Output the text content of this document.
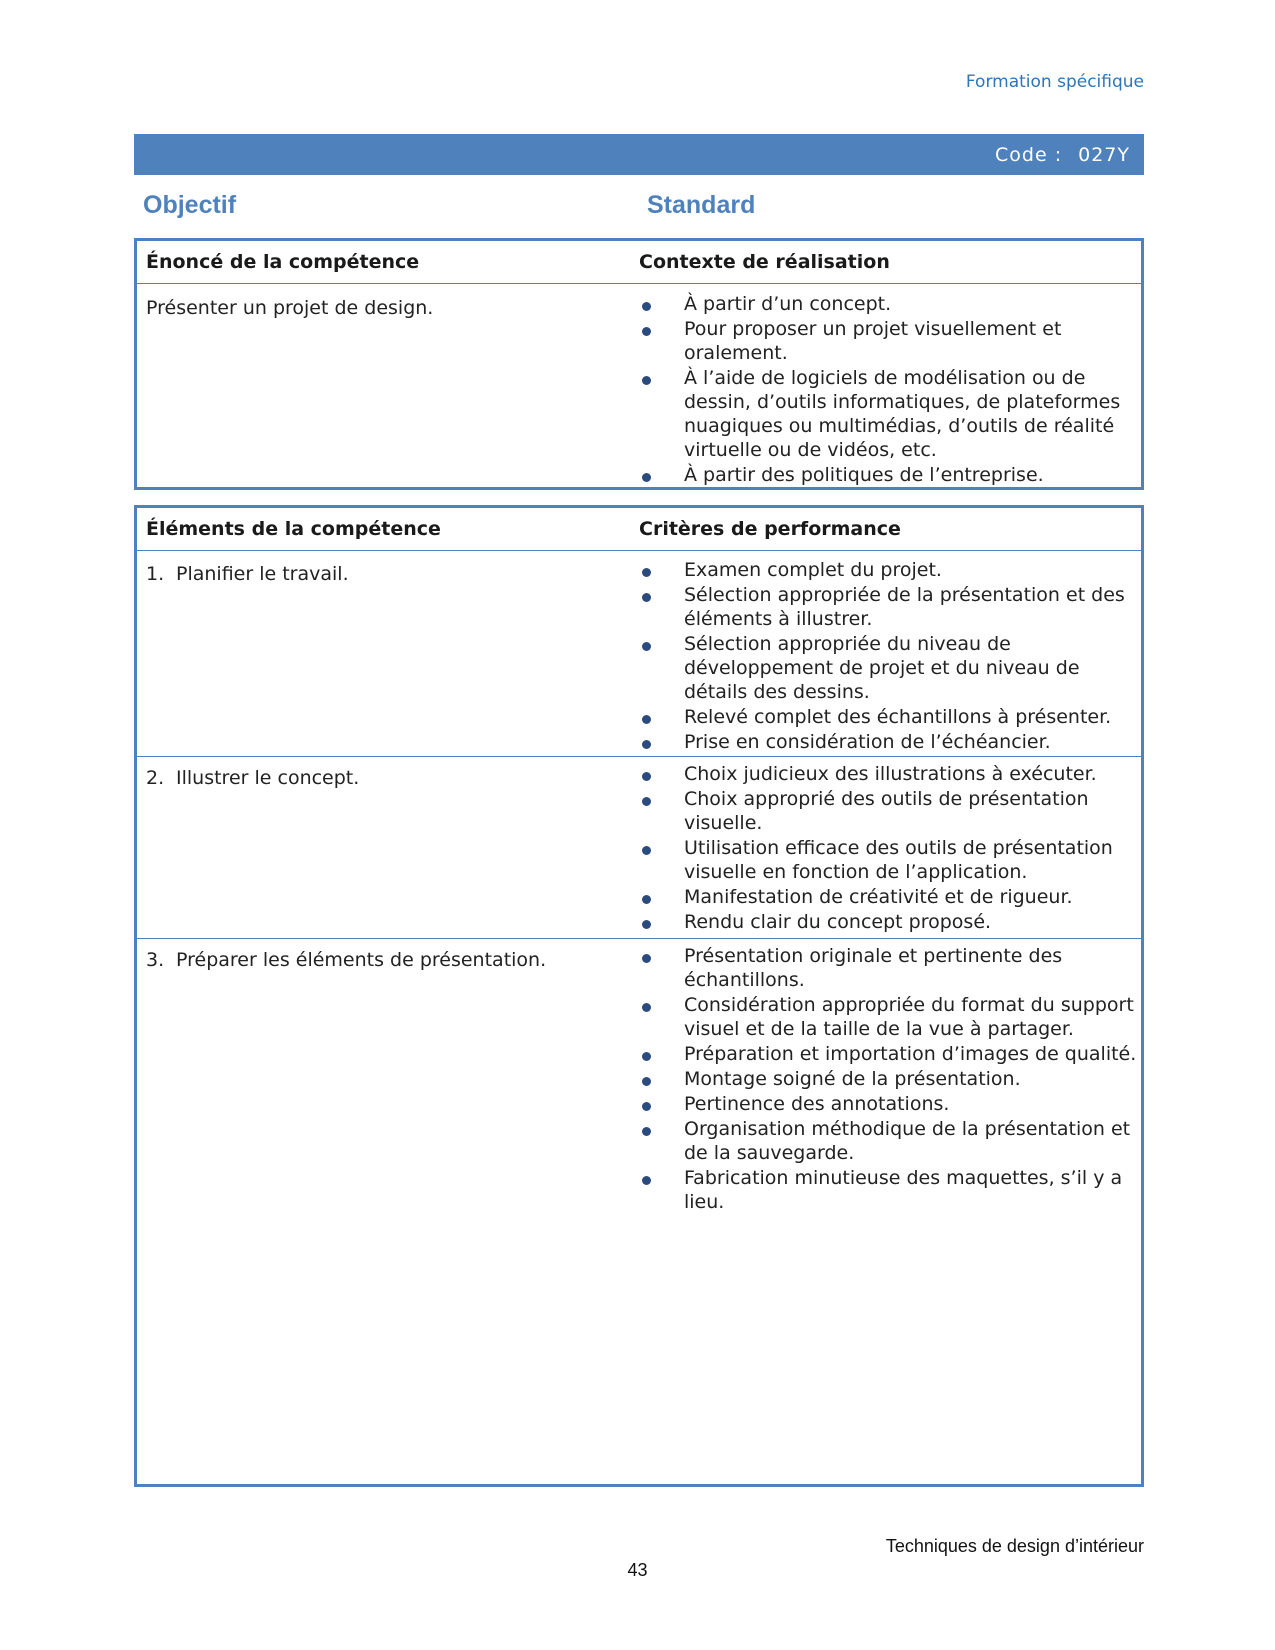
Formation spécifique
Code : 027Y
Objectif	Standard
Énoncé de la compétence	Contexte de réalisation
Présenter un projet de design.	À partir d’un concept.
Pour proposer un projet visuellement et oralement.
À l’aide de logiciels de modélisation ou de dessin, d’outils informatiques, de plateformes nuagiques ou multimédias, d’outils de réalité virtuelle ou de vidéos, etc.
À partir des politiques de l’entreprise.
Éléments de la compétence	Critères de performance
1. Planifier le travail.	Examen complet du projet.
Sélection appropriée de la présentation et des éléments à illustrer.
Sélection appropriée du niveau de développement de projet et du niveau de détails des dessins.
Relevé complet des échantillons à présenter.
Prise en considération de l’échéancier.
2. Illustrer le concept.	Choix judicieux des illustrations à exécuter.
Choix approprié des outils de présentation visuelle.
Utilisation efficace des outils de présentation visuelle en fonction de l’application.
Manifestation de créativité et de rigueur.
Rendu clair du concept proposé.
3. Préparer les éléments de présentation.	Présentation originale et pertinente des échantillons.
Considération appropriée du format du support visuel et de la taille de la vue à partager.
Préparation et importation d’images de qualité.
Montage soigné de la présentation.
Pertinence des annotations.
Organisation méthodique de la présentation et de la sauvegarde.
Fabrication minutieuse des maquettes, s’il y a lieu.
Techniques de design d’intérieur
43
